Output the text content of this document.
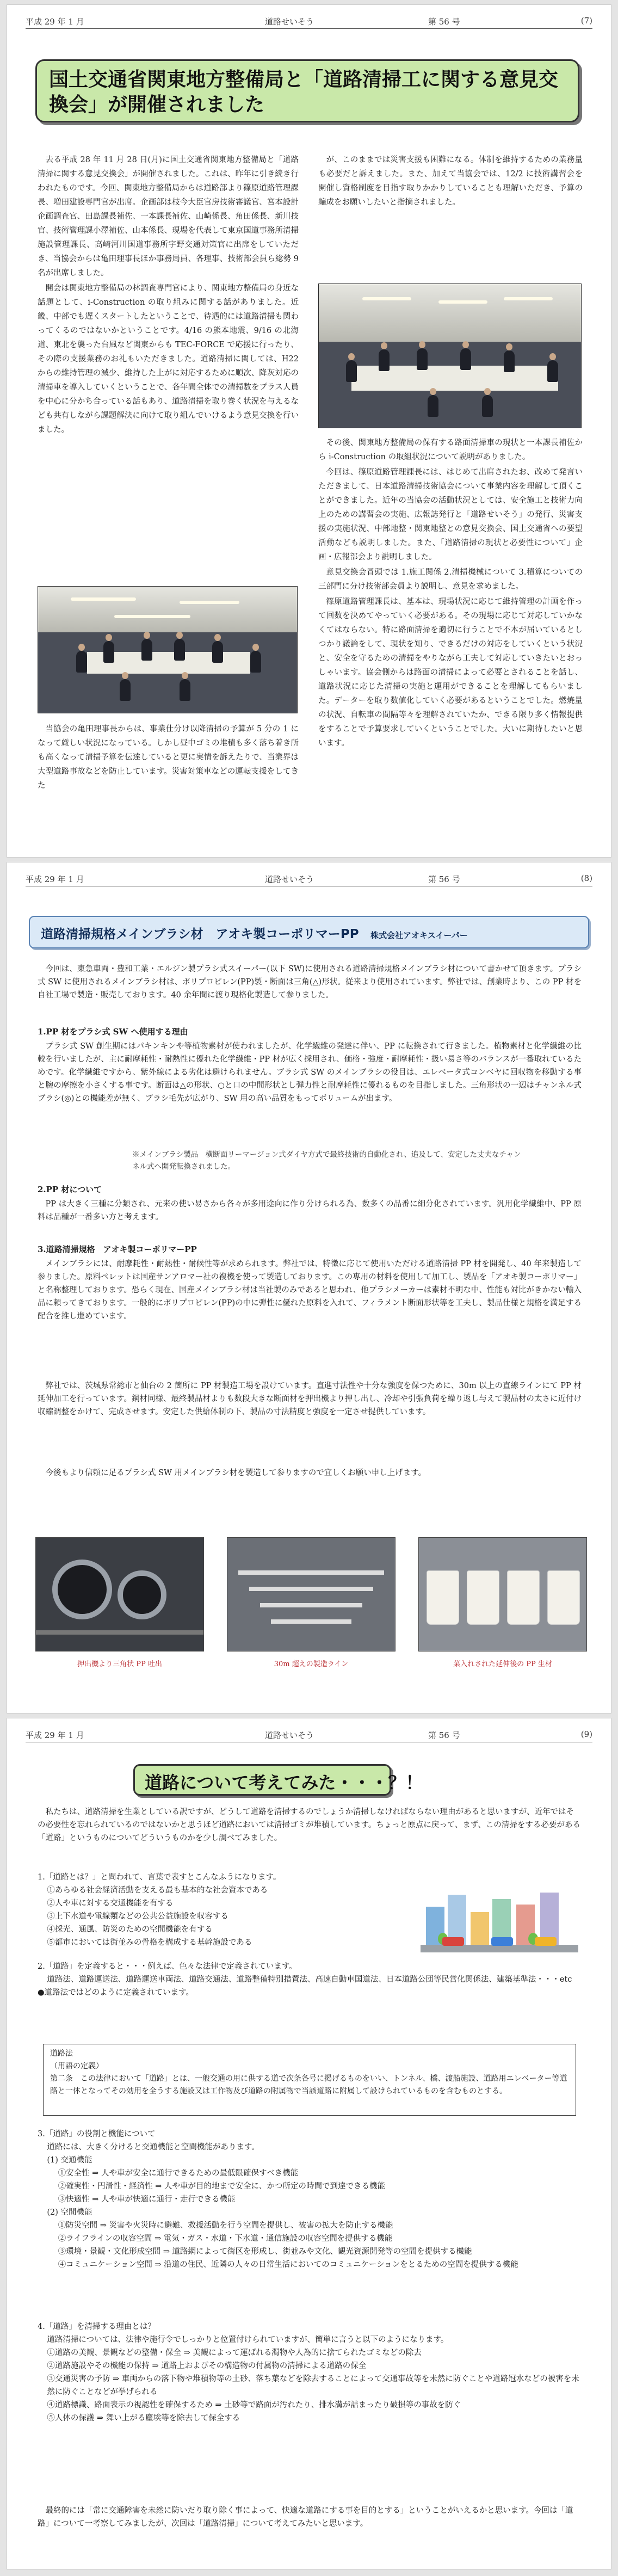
平成 29 年 1 月	道路せいそう	第 56 号	(7)
国土交通省関東地方整備局と「道路清掃工に関する意見交換会」が開催されました

去る平成 28 年 11 月 28 日(月)に国土交通省関東地方整備局と「道路清掃に関する意見交換会」が開催されました。これは、昨年に引き続き行われたものです。今回、関東地方整備局からは道路部より篠原道路管理課長、増田建設専門官が出席。企画部は枝今大臣官房技術審議官、宮本設計企画調査官、田島課長補佐、一本課長補佐、山崎係長、角田係長、新川技官、技術管理課小澤補佐、山本係長、現場を代表して東京国道事務所清掃施設管理課長、高崎河川国道事務所宇野交通対策官に出席をしていただき、当協会からは亀田理事長ほか事務局員、各理事、技術部会員ら総勢 9 名が出席しました。

開会は関東地方整備局の林調査専門官により、関東地方整備局の身近な話題として、i-Construction の取り組みに関する話がありました。近畿、中部でも遅くスタートしたということで、待遇的には道路清掃も関わってくるのではないかということです。4/16 の熊本地震、9/16 の北海道、東北を襲った台風など関東からも TEC-FORCE で応援に行ったり、その際の支援業務のお礼もいただきました。道路清掃に関しては、H22 からの維持管理の減少、維持した上がに対応するために順次、降灰対応の清掃車を導入していくということで、各年間全体での清掃数をプラス人員を中心に分かち合っている話もあり、道路清掃を取り巻く状況を与えるなども共有しながら課題解決に向けて取り組んでいけるよう意見交換を行いました。

当協会の亀田理事長からは、事業仕分け以降清掃の予算が 5 分の 1 になって厳しい状況になっている。しかし昼中ゴミの堆積も多く落ち着き所も高くなって清掃予算を伝達していると更に実情を訴えたりで、当業界は大型道路事故などを防止しています。災害対策車などの運転支援をしてきた

が、このままでは災害支援も困難になる。体制を維持するための業務量も必要だと訴えました。また、加えて当協会では、12/2 に技術講習会を開催し資格制度を目指す取りかかりしていることも理解いただき、予算の編成をお願いしたいと指摘されました。

その後、関東地方整備局の保有する路面清掃車の現状と一本課長補佐から i-Construction の取組状況について説明がありました。

今回は、篠原道路管理課長には、はじめて出席されたお、改めて発言いただきまして、日本道路清掃技術協会について事業内容を理解して頂くことができました。近年の当協会の活動状況としては、安全施工と技術力向上のための講習会の実施、広報誌発行と「道路せいそう」の発行、災害支援の実施状況、中部地整・関東地整との意見交換会、国土交通省への要望活動なども説明しました。また、「道路清掃の現状と必要性について」企画・広報部会より説明しました。

意見交換会冒頭では 1.施工関係 2.清掃機械について 3.積算についての三部門に分け技術部会員より説明し、意見を求めました。

篠原道路管理課長は、基本は、現場状況に応じて維持管理の計画を作って回数を決めてやっていく必要がある。その現場に応じて対応していかなくてはならない。特に路面清掃を適切に行うことで不本が届いているとしつかり議論をして、現状を知り、できるだけの対応をしていくという状況と、安全を守るための清掃をやりながら工夫して対応していきたいとおっしゃいます。協会側からは路面の清掃によって必要とされることを話し、道路状況に応じた清掃の実施と運用ができることを理解してもらいました。データーを取り数値化していく必要があるということでした。燃焼量の状況、自転車の間隔等々を理解されていたか、できる限り多く情報提供をすることで予算要求していくということでした。大いに期待したいと思います。

平成 29 年 1 月	道路せいそう	第 56 号	(8)
道路清掃規格メインブラシ材　アオキ製コーポリマーPP 株式会社アオキスイーパー

今回は、東急車両・豊和工業・エルジン製プラシ式スイーパー(以下 SW)に使用される道路清掃規格メインブラシ材について書かせて頂きます。プラシ式 SW に使用されるメインブラシ材は、ポリプロピレン(PP)製・断面は三角(△)形状。従来より使用されています。弊社では、創業時より、この PP 材を自社工場で製造・販売しております。40 余年間に渡り現格化製造して参りました。

1.PP 材をプラシ式 SW へ使用する理由

プラシ式 SW 創生期にはパキンキンや等植物素材が使われましたが、化学繊維の発達に伴い、PP に転換されて行きました。植物素材と化学繊維の比較を行いましたが、主に耐摩耗性・耐熱性に優れた化学繊維・PP 材が広く採用され、価格・強度・耐摩耗性・扱い易さ等のバランスが一番取れているためです。化学繊維ですから、紫外線による劣化は避けられません。ブラシ式 SW のメインブラシの役目は、エレベータ式コンベヤに回収物を移動する事と腕の摩擦を小さくする事です。断面は△の形状、○と口の中間形状とし弾力性と耐摩耗性に優れるものを目指しました。三角形状の一辺はチャンネル式ブラシ(◎)との機能差が無く、ブラシ毛先が広がり、SW 用の高い品質をもってボリュームが出ます。

※メインブラシ製品　横断面リーマージョン式ダイヤ方式で最終技術的自動化され、追及して、安定した丈夫なチャンネル式へ開発転換されました。
2.PP 材について

PP は大きく三種に分類され、元来の使い易さから各々が多用途向に作り分けられる為、数多くの品番に細分化されています。汎用化学繊維中、PP 原料は品種が一番多い方と考えます。

3.道路清掃規格　アオキ製コーポリマーPP

メインブラシには、耐摩耗性・耐熱性・耐候性等が求められます。弊社では、特徴に応じて使用いただける道路清掃 PP 材を開発し、40 年来製造して参りました。原料ペレットは国産サンアロマー社の複機を使って製造しております。この専用の材料を使用して加工し、製品を「アオキ製コーポリマー」と名称整理しております。恐らく現在、国産メインブラシ材は当社製のみであると思われ、他プラシメーカーは素材不明な中、性能も対比がきかない輸入品に頼ってきております。一般的にポリプロピレン(PP)の中に弾性に優れた原料を入れて、フィラメント断面形状等を工夫し、製品仕様と規格を満足する配合を推し進めています。

弊社では、茨城県常総市と仙台の 2 箇所に PP 材製造工場を設けています。直進寸法性や十分な強度を保つために、30m 以上の直線ラインにて PP 材延伸加工を行っています。鋼材同様、最終製品材よりも数段大きな断面材を押出機より押し出し、冷却や引張負荷を繰り返し与えて製品材の太さに近付け収縮調整をかけて、完成させます。安定した供給体制の下、製品の寸法精度と強度を一定させ提供しています。

今後もより信頼に足るプラシ式 SW 用メインブラシ材を製造して参りますので宜しくお願い申し上げます。

押出機より三角状 PP 吐出	30m 超えの製造ライン	菜入れされた延伸後の PP 生材
平成 29 年 1 月	道路せいそう	第 56 号	(9)
道路について考えてみた・・・？！

私たちは、道路清掃を生業としている訳ですが、どうして道路を清掃するのでしょうか清掃しなければならない理由があると思いますが、近年ではその必要性を忘れられているのではないかと思うほど道路においては清掃ゴミが堆積しています。ちょっと原点に戻って、まず、この清掃をする必要がある「道路」というものについてどういうものかを少し調べてみました。

1.「道路とは？」と問われて、言葉で表すとこんなふうになります。
①あらゆる社会経済活動を支える最も基本的な社会資本である
②人や車に対する交通機能を有する
③上下水道や電線類などの公共公益施設を収容する
④採光、通風、防災のための空間機能を有する
⑤都市においては街並みの骨格を構成する基幹施設である
2.「道路」を定義すると・・・例えば、色々な法律で定義されています。
道路法、道路運送法、道路運送車両法、道路交通法、道路整備特別措置法、高速自動車国道法、日本道路公団等民営化関係法、建築基準法・・・etc
●道路法ではどのように定義されています。
道路法
（用語の定義）
第二条　この法律において「道路」とは、一般交通の用に供する道で次条各号に掲げるものをいい、トンネル、橋、渡船施設、道路用エレベーター等道路と一体となってその効用を全うする施設又は工作物及び道路の附属物で当該道路に附属して設けられているものを含むものとする。
3.「道路」の役割と機能について
道路には、大きく分けると交通機能と空間機能があります。
(1) 交通機能
①安全性 ⇒ 人や車が安全に通行できるための最低限確保すべき機能
②確実性・円滑性・経済性 ⇒ 人や車が目的地まで安全に、かつ所定の時間で到達できる機能
③快適性 ⇒ 人や車が快適に通行・走行できる機能
(2) 空間機能
①防災空間 ⇒ 災害や火災時に避難、救援活動を行う空間を提供し、被害の拡大を防止する機能
②ライフラインの収容空間 ⇒ 電気・ガス・水道・下水道・通信施設の収容空間を提供する機能
③環境・景観・文化形成空間 ⇒ 道路網によって街区を形成し、街並みや文化、観光資源開発等の空間を提供する機能
④コミュニケーション空間 ⇒ 沿道の住民、近隣の人々の日常生活においてのコミュニケーションをとるための空間を提供する機能
4.「道路」を清掃する理由とは？
道路清掃については、法律や施行令でしっかりと位置付けられていますが、簡単に言うと以下のようになります。
①道路の美観、景観などの整備・保全 ⇒ 美観によって運ばれる濁物や人為的に捨てられたゴミなどの除去
②道路施設やその機能の保持 ⇒ 道路上およびその構造物の付属物の清掃による道路の保全
③交通災害の予防 ⇒ 車両からの落下物や堆積物等の土砂、落ち葉などを除去することによって交通事故等を未然に防ぐことや道路冠水などの被害を未然に防ぐことなどが挙げられる
④道路標識、路面表示の視認性を確保するため ⇒ 土砂等で路面が汚れたり、排水溝が詰まったり破損等の事故を防ぐ
⑤人体の保護 ⇒ 舞い上がる塵埃等を除去して保全する

最終的には「常に交通障害を未然に防いだり取り除く事によって、快適な道路にする事を目的とする」ということがいえるかと思います。今回は「道路」について一考察してみましたが、次回は「道路清掃」について考えてみたいと思います。
